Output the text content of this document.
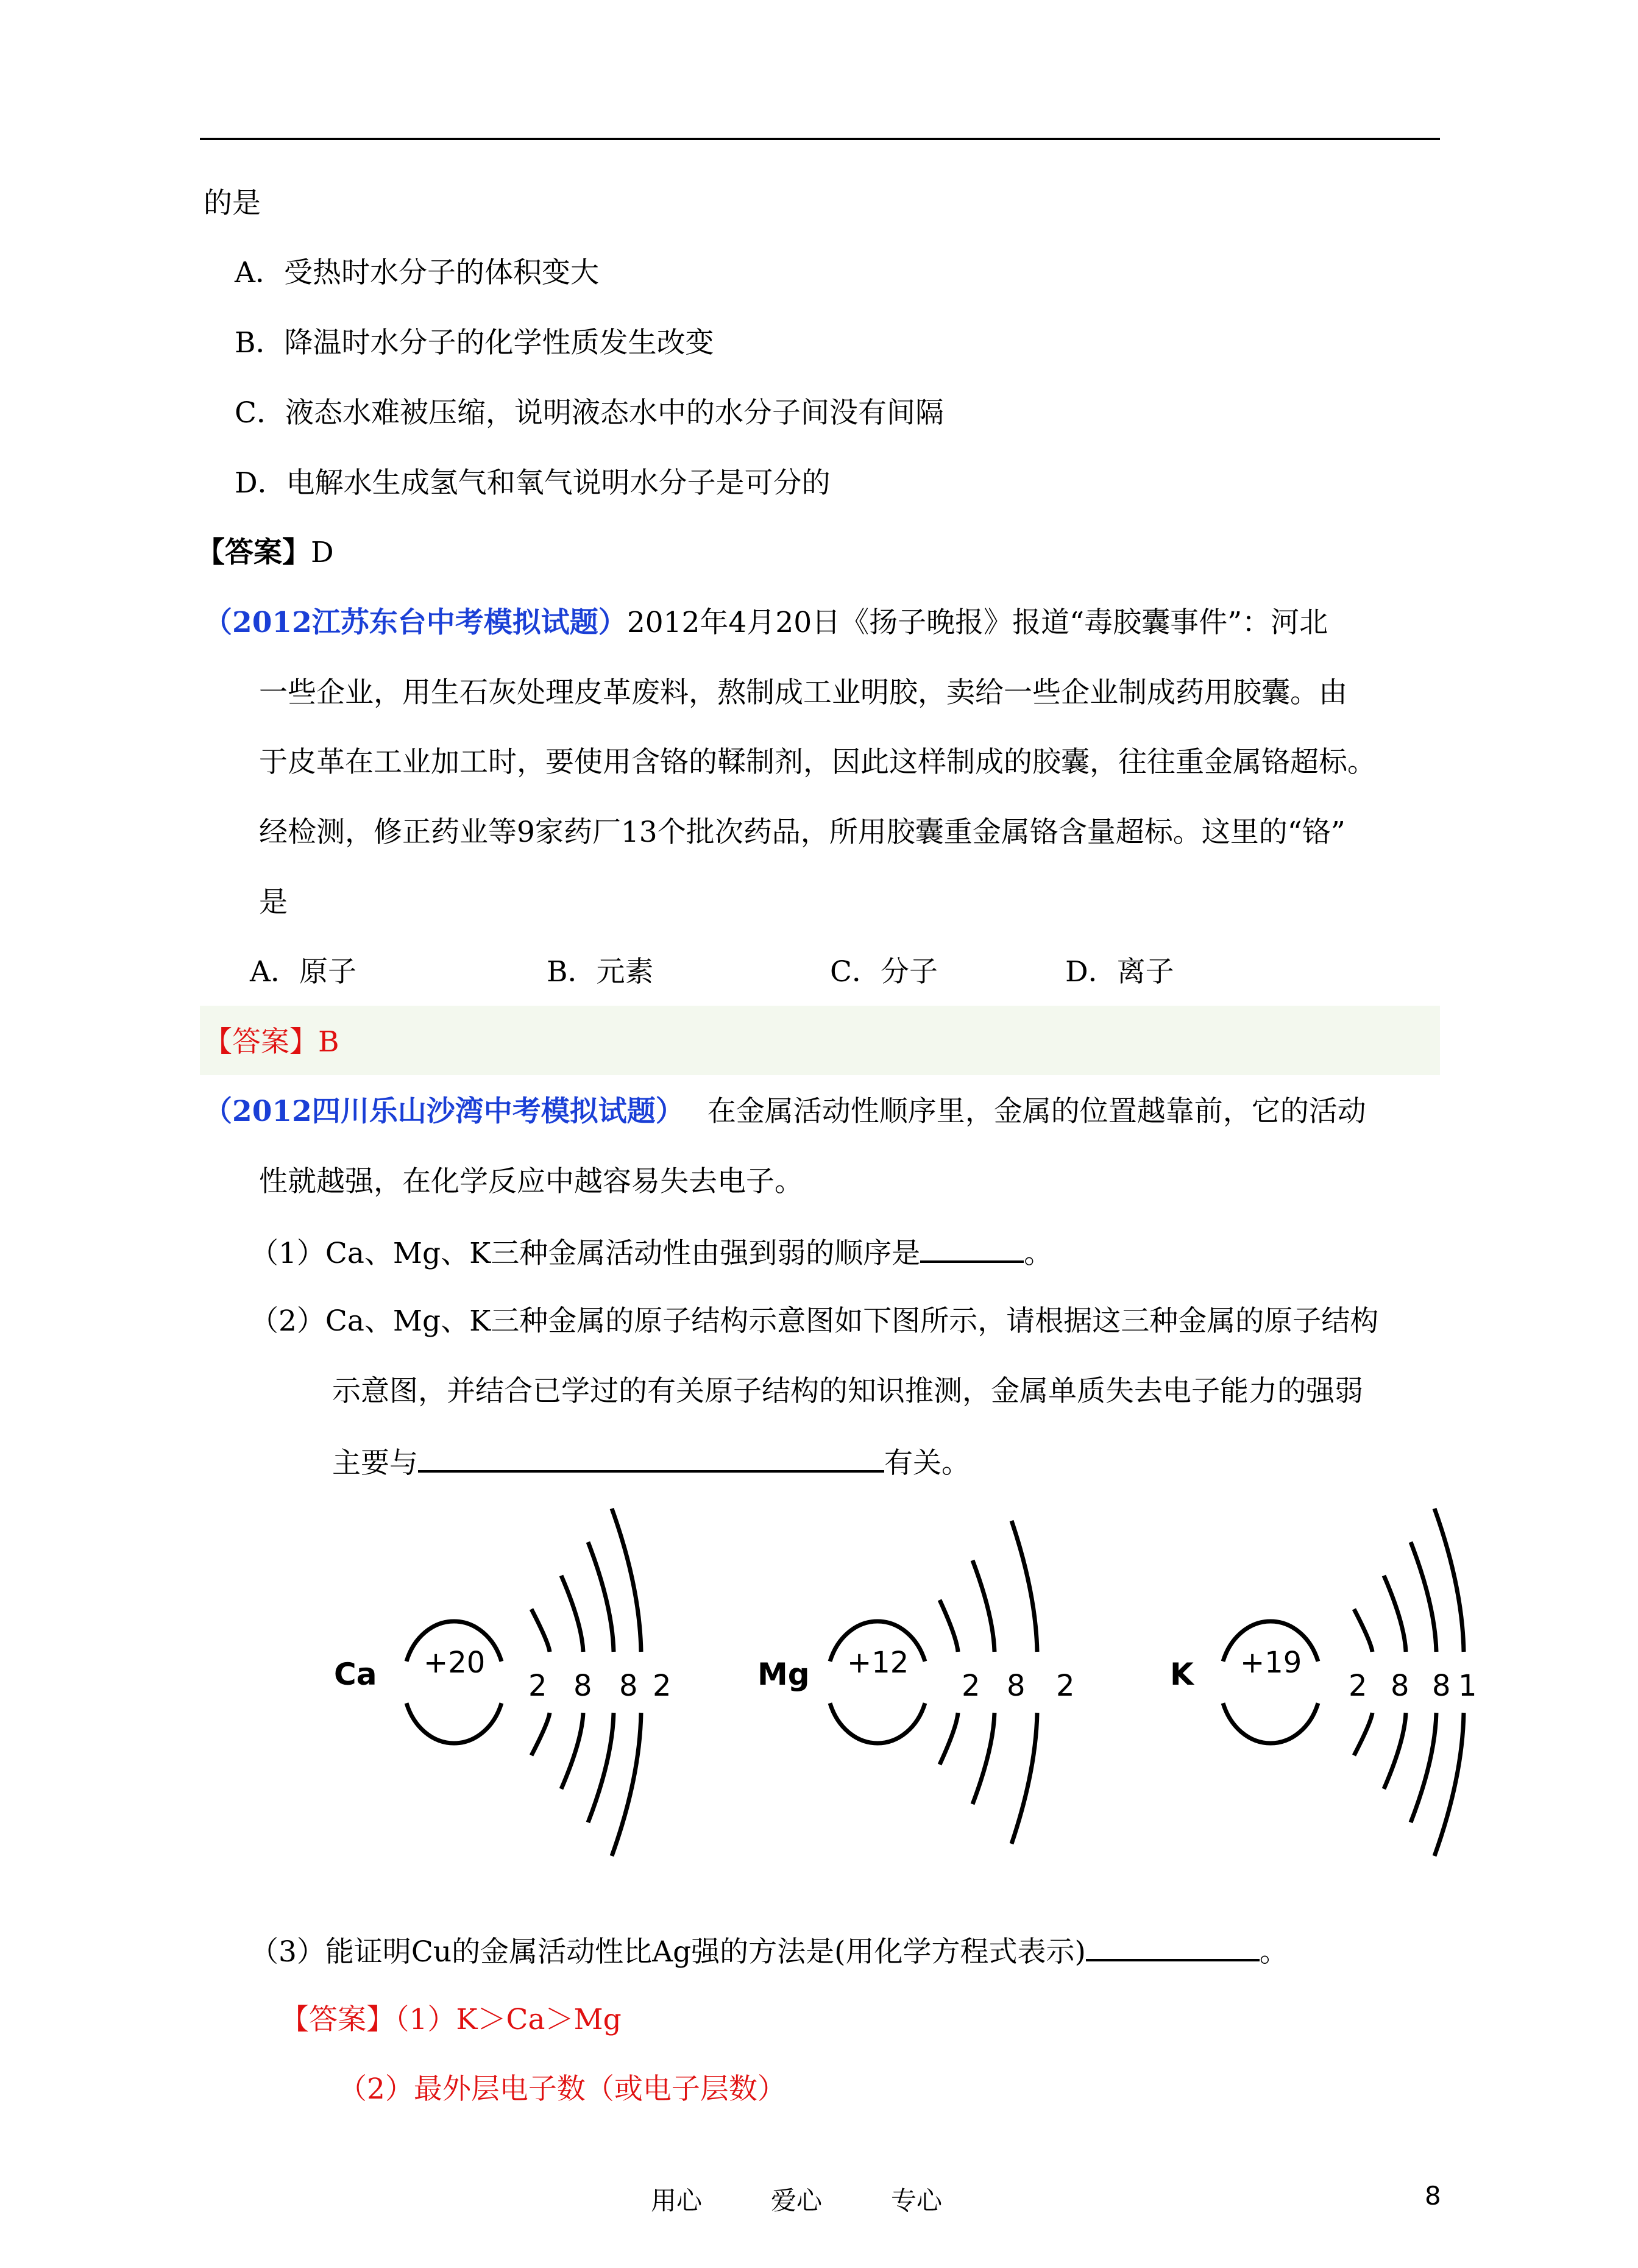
的是
A．受热时水分子的体积变大
B．降温时水分子的化学性质发生改变
C．液态水难被压缩，说明液态水中的水分子间没有间隔
D．电解水生成氢气和氧气说明水分子是可分的
【答案】D
（2012江苏东台中考模拟试题）2012年4月20日《扬子晚报》报道“毒胶囊事件”：河北
一些企业，用生石灰处理皮革废料，熬制成工业明胶，卖给一些企业制成药用胶囊。由
于皮革在工业加工时，要使用含铬的鞣制剂，因此这样制成的胶囊，往往重金属铬超标。
经检测，修正药业等9家药厂13个批次药品，所用胶囊重金属铬含量超标。这里的“铬”
是
A．原子	B．元素	C．分子	D．离子
【答案】B
（2012四川乐山沙湾中考模拟试题） 在金属活动性顺序里，金属的位置越靠前，它的活动
性就越强，在化学反应中越容易失去电子。
（1）Ca、Mg、K三种金属活动性由强到弱的顺序是	。
（2）Ca、Mg、K三种金属的原子结构示意图如下图所示，请根据这三种金属的原子结构
示意图，并结合已学过的有关原子结构的知识推测，金属单质失去电子能力的强弱
主要与	有关。
Ca +20
2 8 8 2	Mg +12
2 8 2	K +19
2 8 8 1
（3）能证明Cu的金属活动性比Ag强的方法是(用化学方程式表示)	。
【答案】（1）K＞Ca＞Mg
（2）最外层电子数（或电子层数）
用心	爱心	专心	8
